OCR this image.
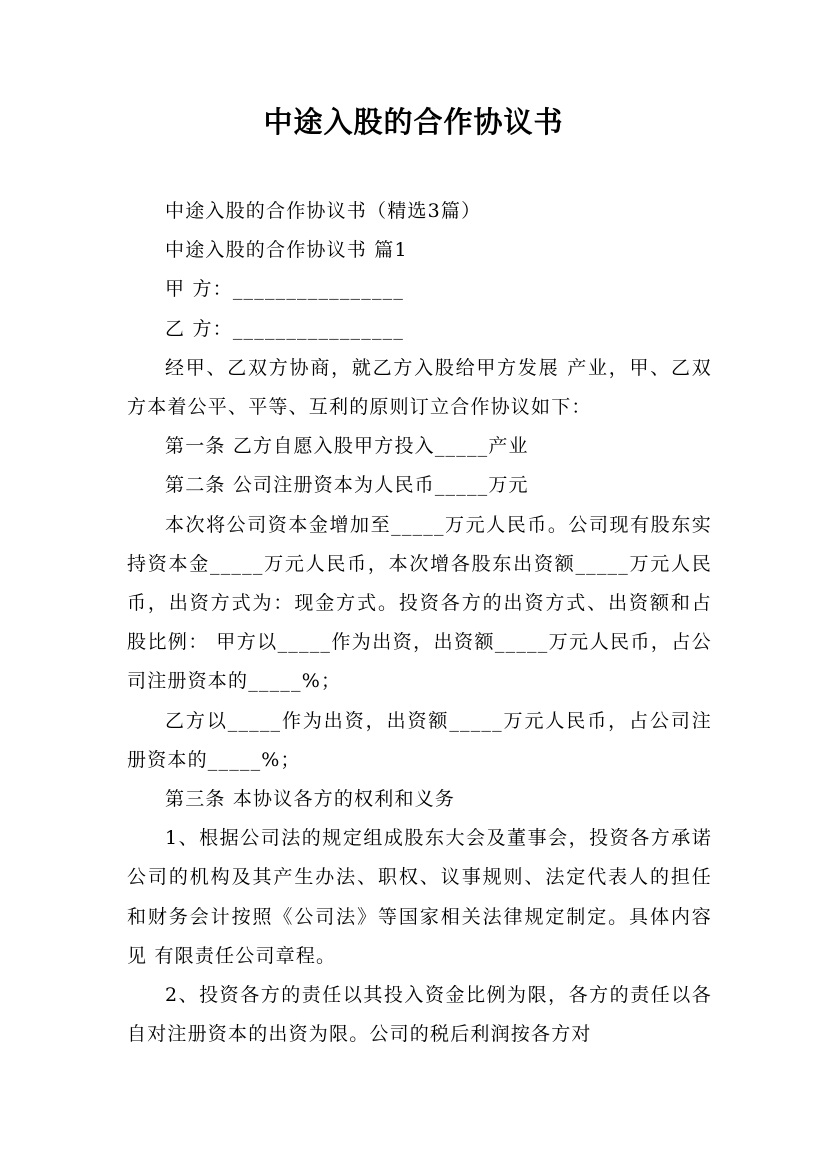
中途入股的合作协议书

中途入股的合作协议书（精选3篇）

中途入股的合作协议书 篇1

甲 方：________________

乙 方：________________

经甲、乙双方协商，就乙方入股给甲方发展 产业，甲、乙双方本着公平、平等、互利的原则订立合作协议如下：

第一条 乙方自愿入股甲方投入_____产业

第二条 公司注册资本为人民币_____万元

本次将公司资本金增加至_____万元人民币。公司现有股东实持资本金_____万元人民币，本次增各股东出资额_____万元人民币，出资方式为：现金方式。投资各方的出资方式、出资额和占股比例： 甲方以_____作为出资，出资额_____万元人民币，占公司注册资本的_____%；

乙方以_____作为出资，出资额_____万元人民币，占公司注册资本的_____%；

第三条 本协议各方的权利和义务

1、根据公司法的规定组成股东大会及董事会，投资各方承诺公司的机构及其产生办法、职权、议事规则、法定代表人的担任和财务会计按照《公司法》等国家相关法律规定制定。具体内容见 有限责任公司章程。

2、投资各方的责任以其投入资金比例为限，各方的责任以各自对注册资本的出资为限。公司的税后利润按各方对
